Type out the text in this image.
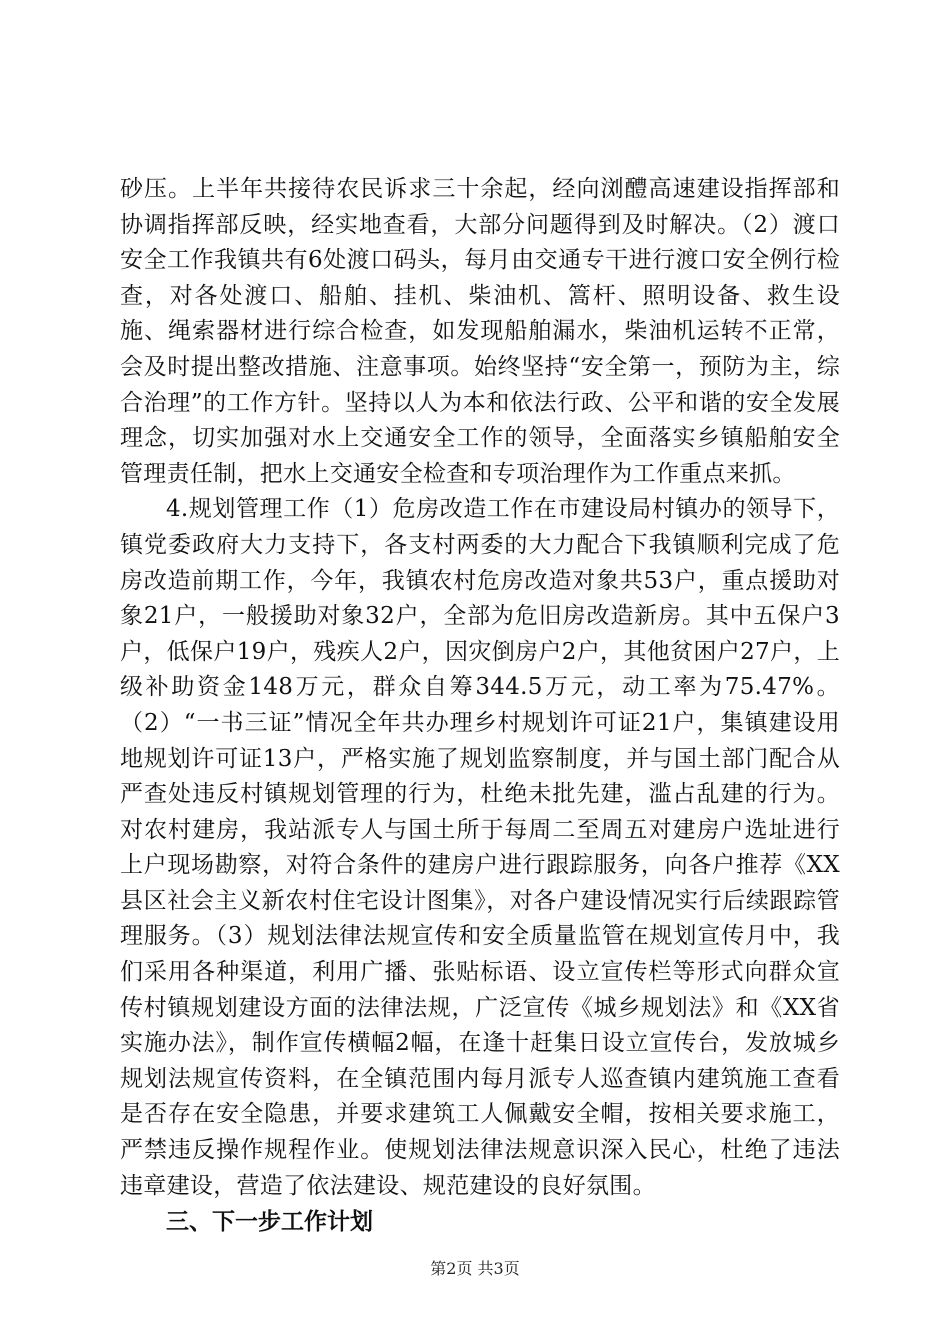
砂压。上半年共接待农民诉求三十余起，经向浏醴高速建设指挥部和协调指挥部反映，经实地查看，大部分问题得到及时解决。（2）渡口安全工作我镇共有6处渡口码头，每月由交通专干进行渡口安全例行检查，对各处渡口、船舶、挂机、柴油机、篙杆、照明设备、救生设施、绳索器材进行综合检查，如发现船舶漏水，柴油机运转不正常，会及时提出整改措施、注意事项。始终坚持“安全第一，预防为主，综合治理”的工作方针。坚持以人为本和依法行政、公平和谐的安全发展理念，切实加强对水上交通安全工作的领导，全面落实乡镇船舶安全管理责任制，把水上交通安全检查和专项治理作为工作重点来抓。

4.规划管理工作（1）危房改造工作在市建设局村镇办的领导下，镇党委政府大力支持下，各支村两委的大力配合下我镇顺利完成了危房改造前期工作，今年，我镇农村危房改造对象共53户，重点援助对象21户，一般援助对象32户，全部为危旧房改造新房。其中五保户3户，低保户19户，残疾人2户，因灾倒房户2户，其他贫困户27户，上级补助资金148万元，群众自筹344.5万元，动工率为75.47%。（2）“一书三证”情况全年共办理乡村规划许可证21户，集镇建设用地规划许可证13户，严格实施了规划监察制度，并与国土部门配合从严查处违反村镇规划管理的行为，杜绝未批先建，滥占乱建的行为。对农村建房，我站派专人与国土所于每周二至周五对建房户选址进行上户现场勘察，对符合条件的建房户进行跟踪服务，向各户推荐《XX县区社会主义新农村住宅设计图集》，对各户建设情况实行后续跟踪管理服务。（3）规划法律法规宣传和安全质量监管在规划宣传月中，我们采用各种渠道，利用广播、张贴标语、设立宣传栏等形式向群众宣传村镇规划建设方面的法律法规，广泛宣传《城乡规划法》和《XX省实施办法》，制作宣传横幅2幅，在逢十赶集日设立宣传台，发放城乡规划法规宣传资料，在全镇范围内每月派专人巡查镇内建筑施工查看是否存在安全隐患，并要求建筑工人佩戴安全帽，按相关要求施工，严禁违反操作规程作业。使规划法律法规意识深入民心，杜绝了违法违章建设，营造了依法建设、规范建设的良好氛围。

三、下一步工作计划
第2页 共3页
